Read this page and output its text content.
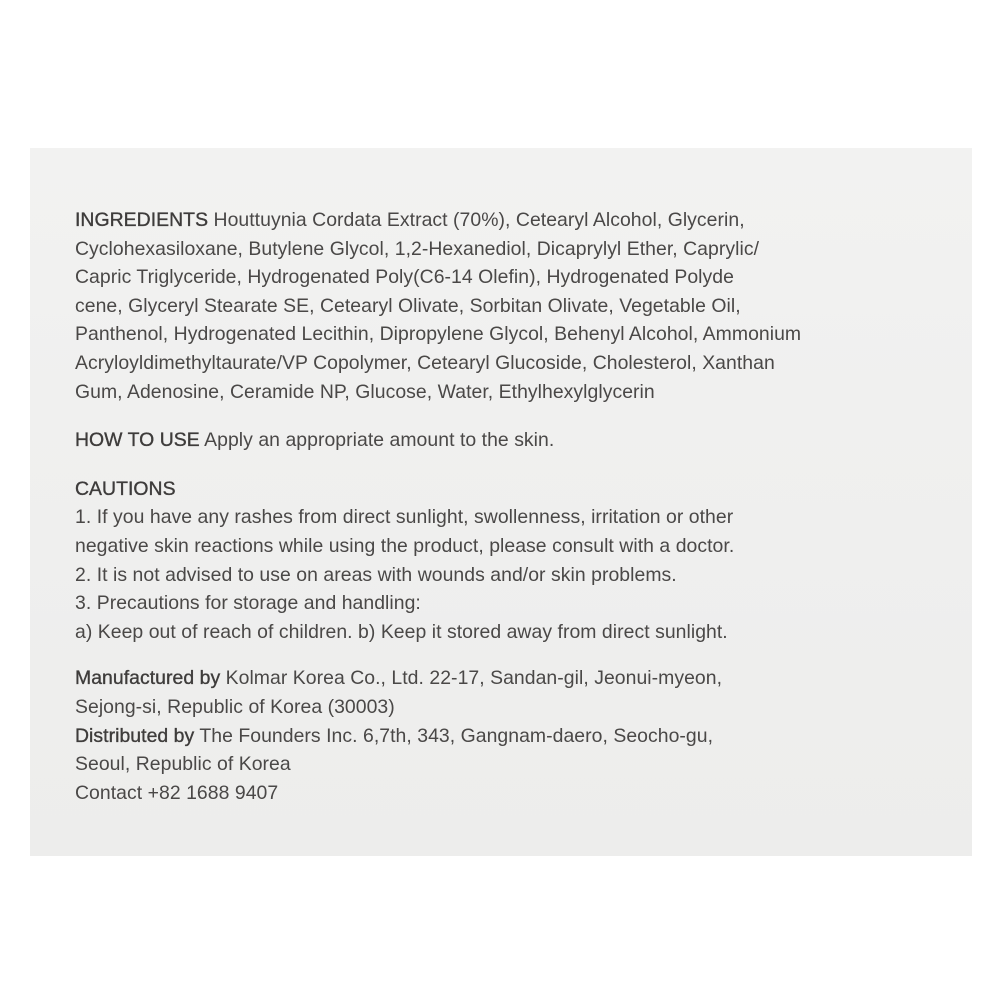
INGREDIENTS Houttuynia Cordata Extract (70%), Cetearyl Alcohol, Glycerin,
Cyclohexasiloxane, Butylene Glycol, 1,2-Hexanediol, Dicaprylyl Ether, Caprylic/
Capric Triglyceride, Hydrogenated Poly(C6-14 Olefin), Hydrogenated Polyde
cene, Glyceryl Stearate SE, Cetearyl Olivate, Sorbitan Olivate, Vegetable Oil,
Panthenol, Hydrogenated Lecithin, Dipropylene Glycol, Behenyl Alcohol, Ammonium
Acryloyldimethyltaurate/VP Copolymer, Cetearyl Glucoside, Cholesterol, Xanthan
Gum, Adenosine, Ceramide NP, Glucose, Water, Ethylhexylglycerin
HOW TO USE Apply an appropriate amount to the skin.
CAUTIONS
1. If you have any rashes from direct sunlight, swollenness, irritation or other
negative skin reactions while using the product, please consult with a doctor.
2. It is not advised to use on areas with wounds and/or skin problems.
3. Precautions for storage and handling:
a) Keep out of reach of children. b) Keep it stored away from direct sunlight.
Manufactured by Kolmar Korea Co., Ltd. 22-17, Sandan-gil, Jeonui-myeon,
Sejong-si, Republic of Korea (30003)
Distributed by The Founders Inc. 6,7th, 343, Gangnam-daero, Seocho-gu,
Seoul, Republic of Korea
Contact +82 1688 9407
